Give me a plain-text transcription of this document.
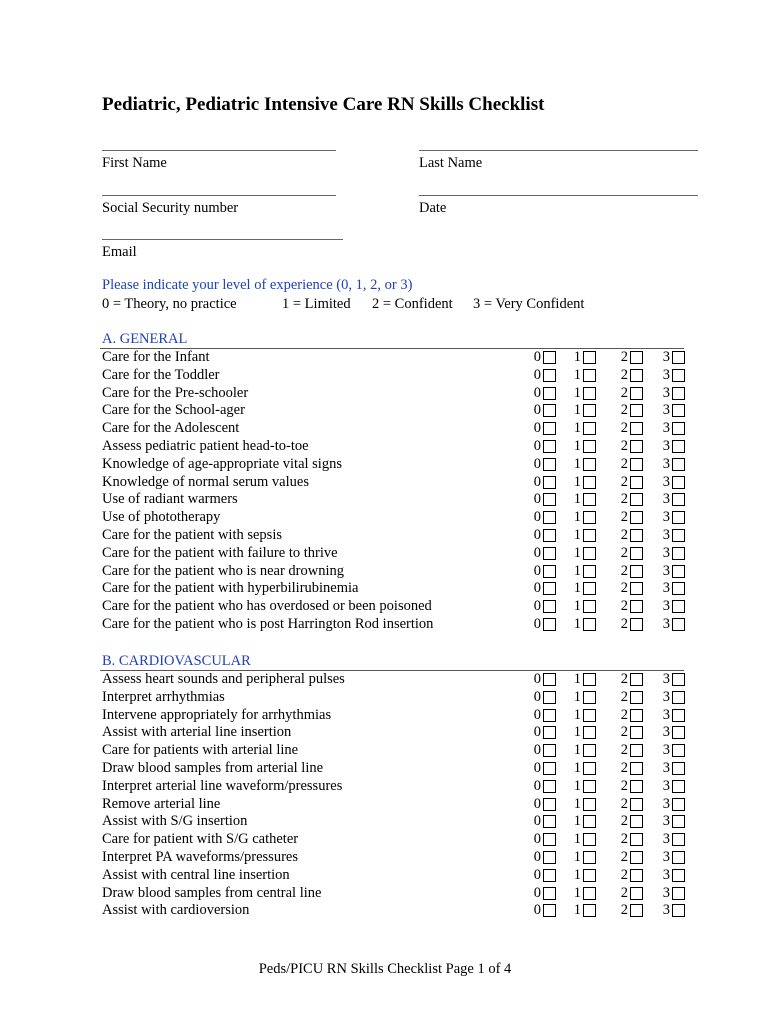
Pediatric, Pediatric Intensive Care RN Skills Checklist
First Name	Last Name
Social Security number	Date
Email
Please indicate your level of experience (0, 1, 2, or 3)
0 = Theory, no practice	1 = Limited 2 = Confident 3 = Very Confident
A. GENERAL
Care for the Infant	0 1	2 3
Care for the Toddler	0 1	2 3
Care for the Pre-schooler	0 1	2 3
Care for the School-ager	0 1	2 3
Care for the Adolescent	0 1	2 3
Assess pediatric patient head-to-toe	0 1	2 3
Knowledge of age-appropriate vital signs	0 1	2 3
Knowledge of normal serum values	0 1	2 3
Use of radiant warmers	0 1	2 3
Use of phototherapy	0 1	2 3
Care for the patient with sepsis	0 1	2 3
Care for the patient with failure to thrive	0 1	2 3
Care for the patient who is near drowning	0 1	2 3
Care for the patient with hyperbilirubinemia	0 1	2 3
Care for the patient who has overdosed or been poisoned	0 1	2 3
Care for the patient who is post Harrington Rod insertion	0 1	2 3
B. CARDIOVASCULAR
Assess heart sounds and peripheral pulses	0 1	2 3
Interpret arrhythmias	0 1	2 3
Intervene appropriately for arrhythmias	0 1	2 3
Assist with arterial line insertion	0 1	2 3
Care for patients with arterial line	0 1	2 3
Draw blood samples from arterial line	0 1	2 3
Interpret arterial line waveform/pressures	0 1	2 3
Remove arterial line	0 1	2 3
Assist with S/G insertion	0 1	2 3
Care for patient with S/G catheter	0 1	2 3
Interpret PA waveforms/pressures	0 1	2 3
Assist with central line insertion	0 1	2 3
Draw blood samples from central line	0 1	2 3
Assist with cardioversion	0 1	2 3
Peds/PICU RN Skills Checklist Page 1 of 4
